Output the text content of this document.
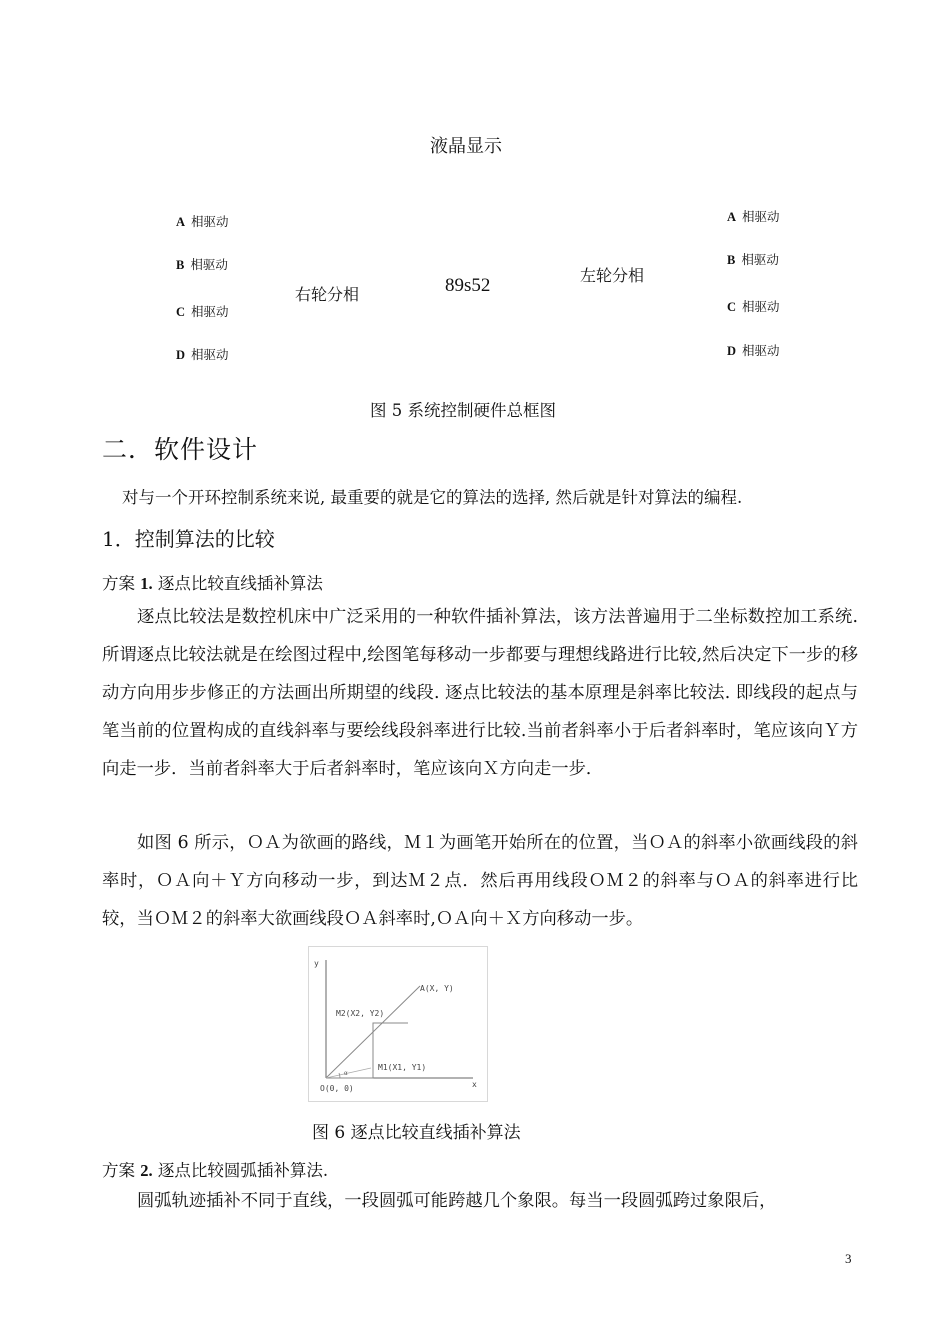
液晶显示
A 相驱动
B 相驱动
C 相驱动
D 相驱动
右轮分相	89s52	左轮分相
A 相驱动
B 相驱动
C 相驱动
D 相驱动
图 5 系统控制硬件总框图
二．软件设计
对与一个开环控制系统来说, 最重要的就是它的算法的选择, 然后就是针对算法的编程.
1．控制算法的比较
方案 1. 逐点比较直线插补算法
逐点比较法是数控机床中广泛采用的一种软件插补算法，该方法普遍用于二坐标数控加工系统.所谓逐点比较法就是在绘图过程中,绘图笔每移动一步都要与理想线路进行比较,然后决定下一步的移动方向用步步修正的方法画出所期望的线段. 逐点比较法的基本原理是斜率比较法. 即线段的起点与笔当前的位置构成的直线斜率与要绘线段斜率进行比较.当前者斜率小于后者斜率时，笔应该向Ｙ方向走一步．当前者斜率大于后者斜率时，笔应该向Ｘ方向走一步．
如图 6 所示，ＯＡ为欲画的路线，Ｍ１为画笔开始所在的位置，当ＯＡ的斜率小欲画线段的斜率时，ＯＡ向＋Ｙ方向移动一步，到达Ｍ２点．然后再用线段ＯＭ２的斜率与ＯＡ的斜率进行比较，当ＯＭ２的斜率大欲画线段ＯＡ斜率时,ＯＡ向＋Ｘ方向移动一步。
y
x
A(X, Y)
M2(X2, Y2)
M1(X1, Y1)
O(0, 0)
α
图 6 逐点比较直线插补算法
方案 2. 逐点比较圆弧插补算法.
圆弧轨迹插补不同于直线，一段圆弧可能跨越几个象限。每当一段圆弧跨过象限后，
3
